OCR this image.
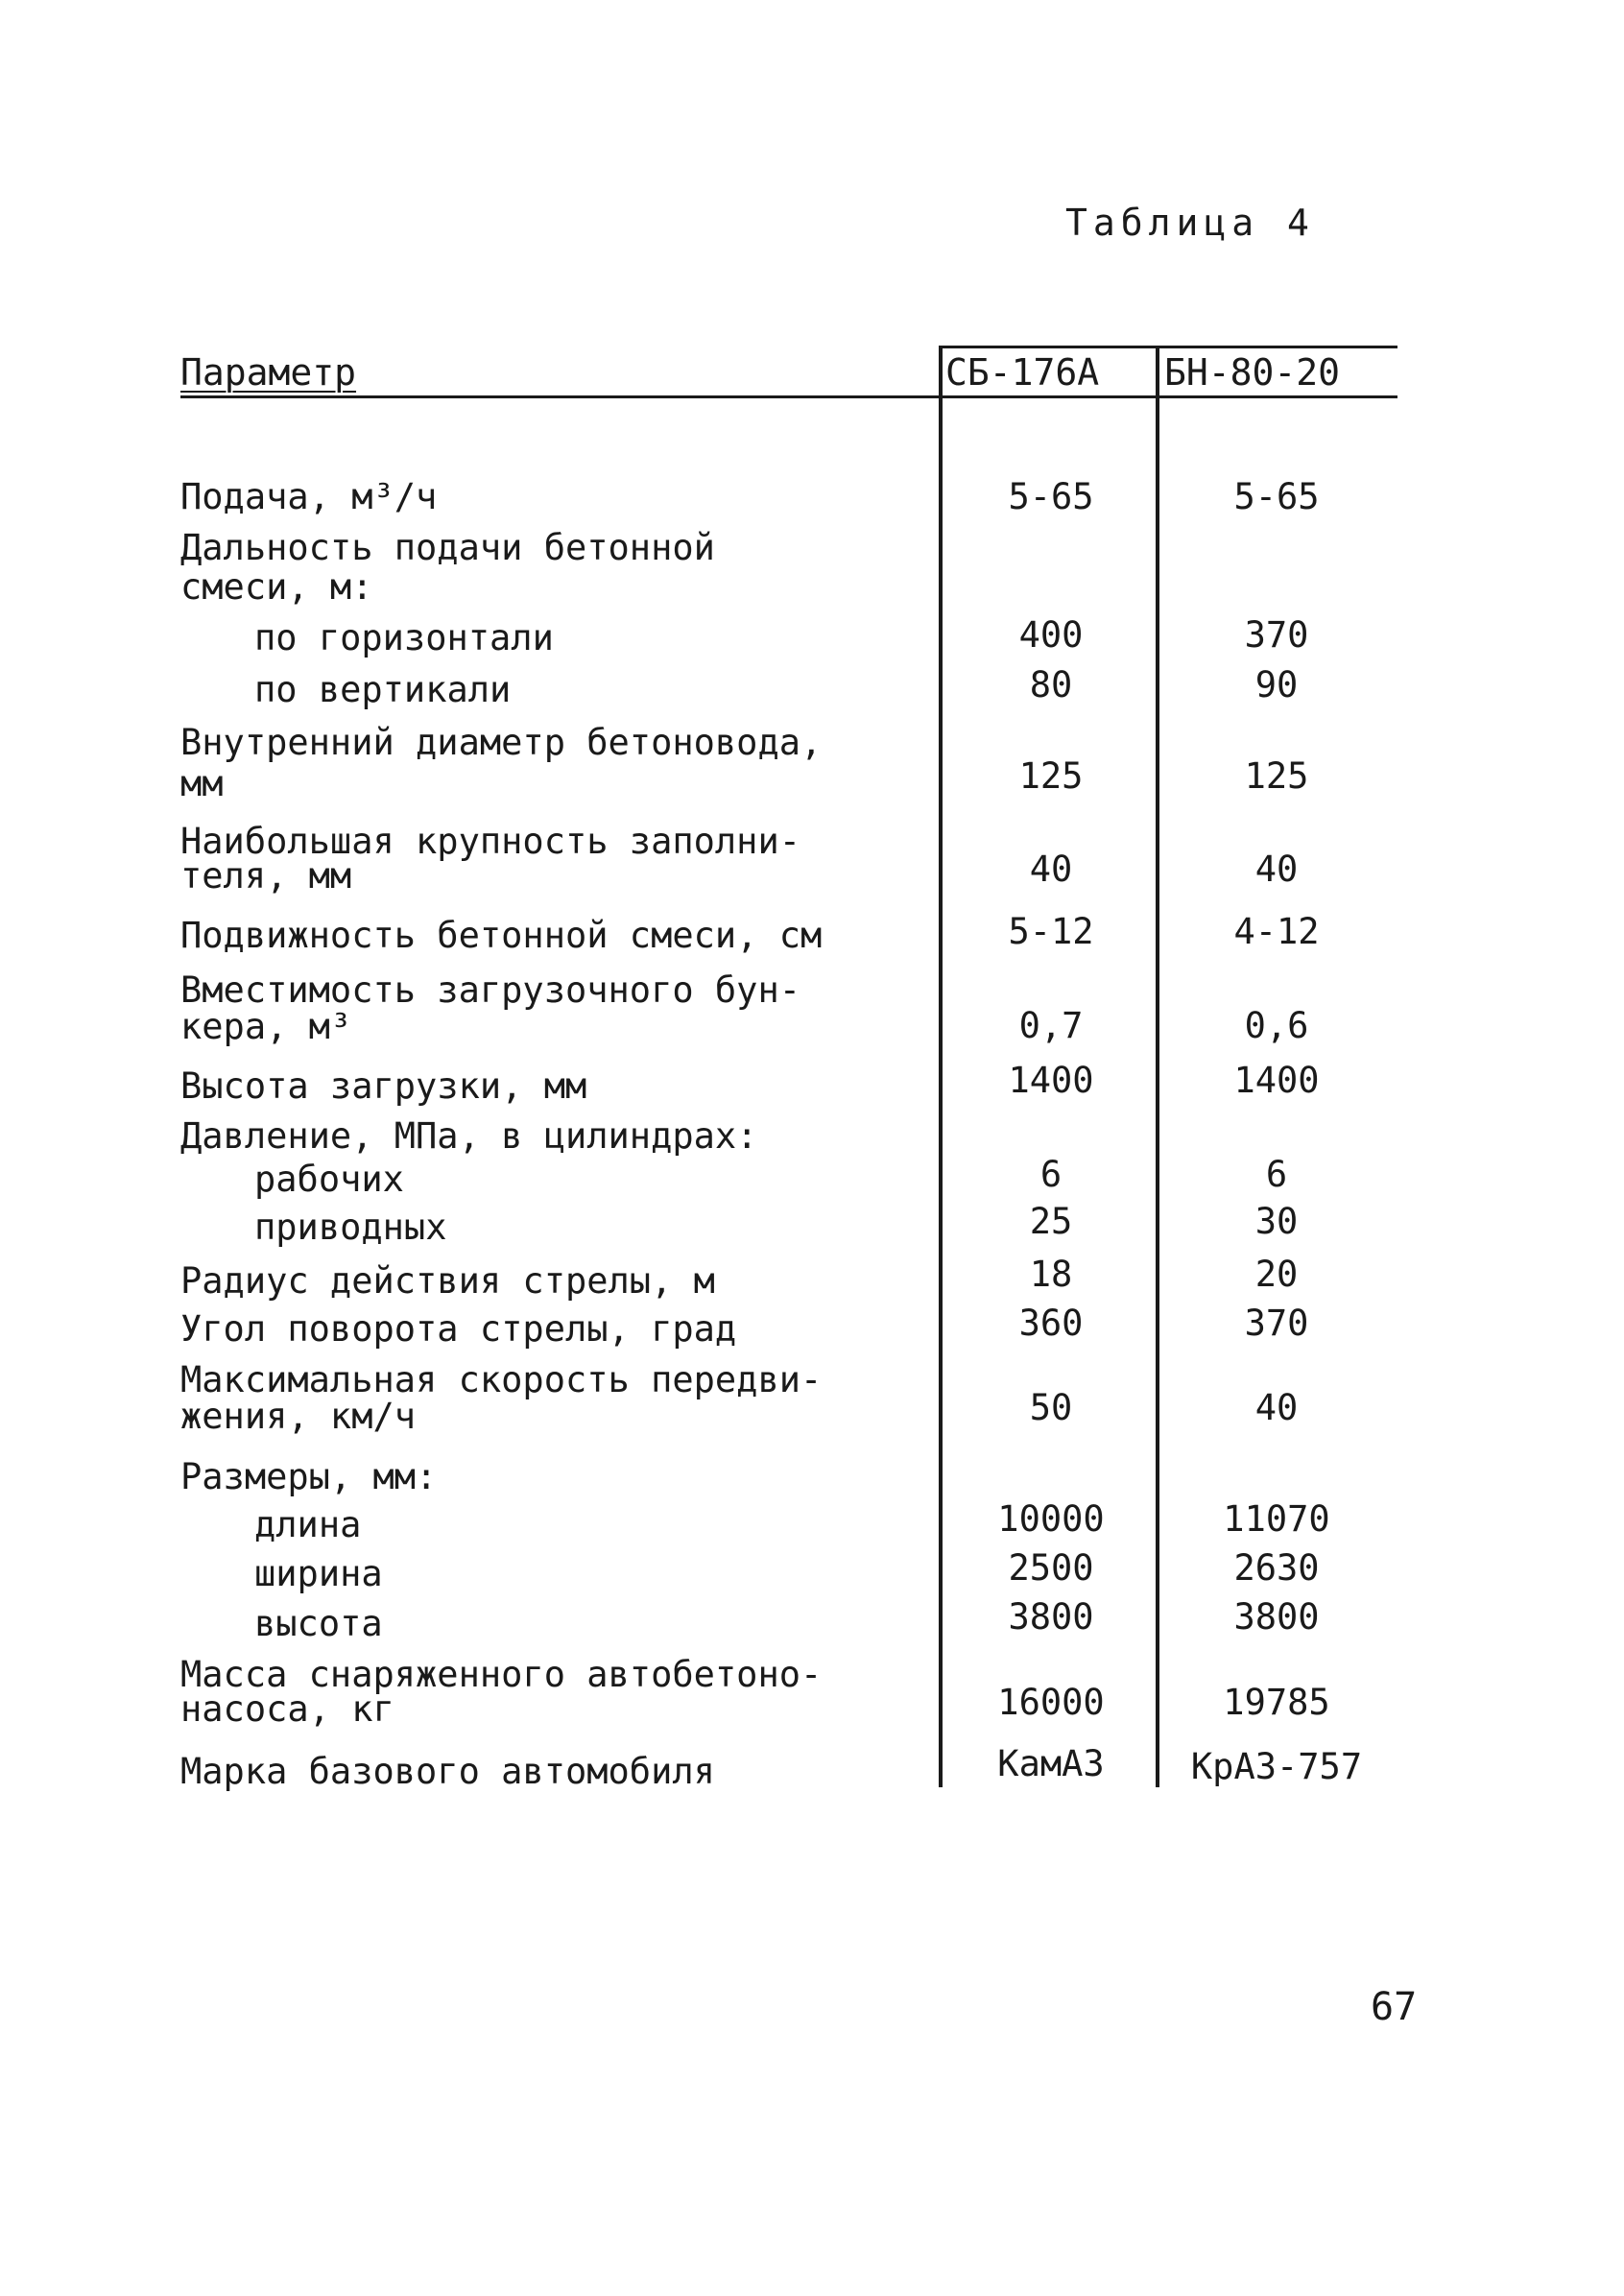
Таблица 4
Параметр	СБ-176А БН-80-20
Подача, м³/ч	5-65	5-65
Дальность подачи бетонной
смеси, м:
по горизонтали	400	370
по вертикали	80	90
Внутренний диаметр бетоновода,
мм	125	125
Наибольшая крупность заполни-
теля, мм	40	40
Подвижность бетонной смеси, см	5-12	4-12
Вместимость загрузочного бун-
кера, м³	0,7	0,6
Высота загрузки, мм	1400	1400
Давление, МПа, в цилиндрах:
рабочих	6	6
приводных	25	30
Радиус действия стрелы, м	18	20
Угол поворота стрелы, град	360	370
Максимальная скорость передви-
жения, км/ч	50	40
Размеры, мм:
длина	10000	11070
ширина	2500	2630
высота	3800	3800
Масса снаряженного автобетоно-
насоса, кг	16000	19785
Марка базового автомобиля	КамАЗ	КрАЗ-757
67
